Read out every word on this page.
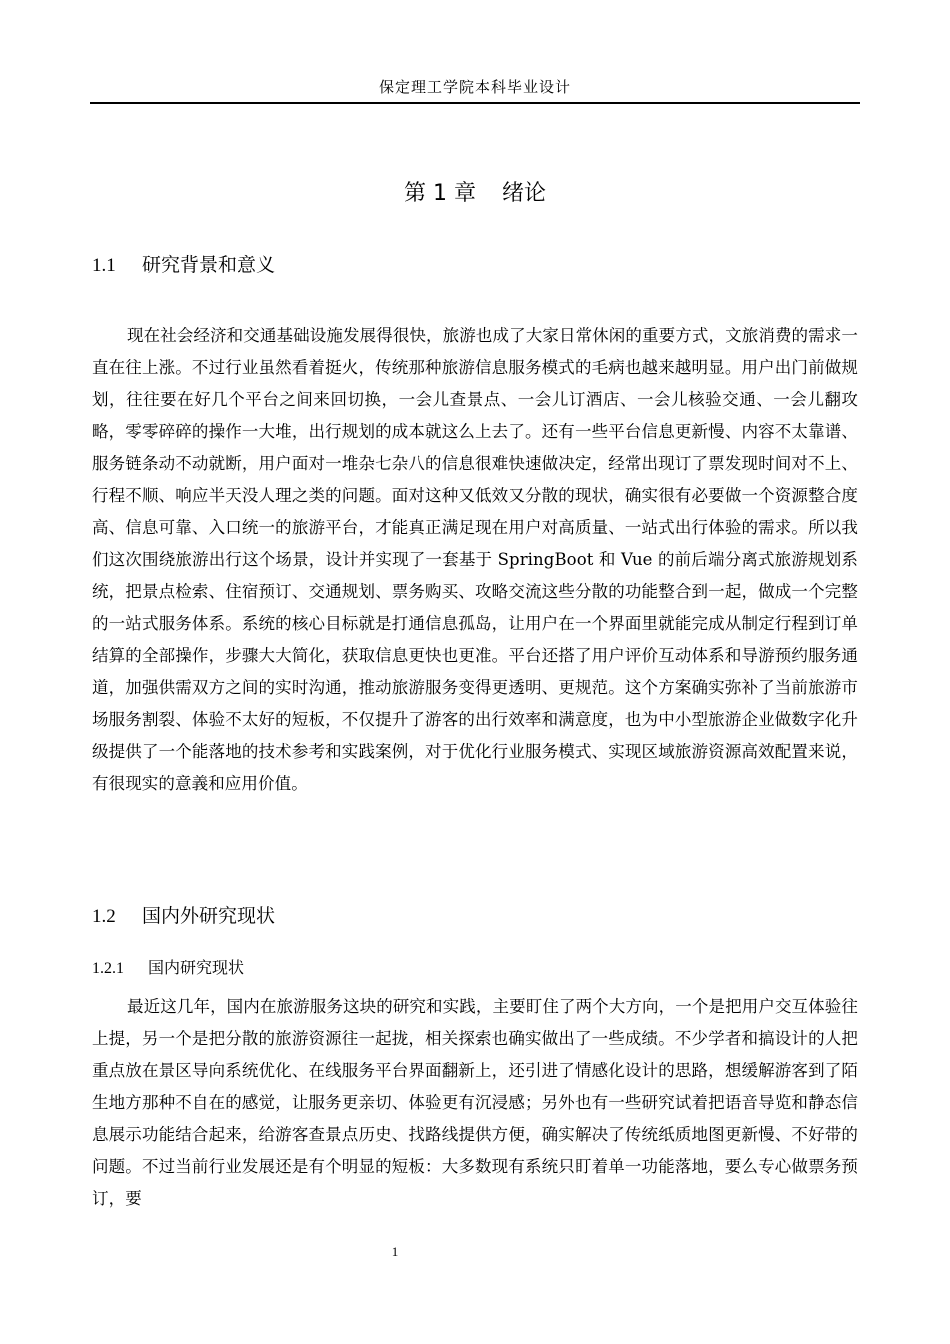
保定理工学院本科毕业设计
第 1 章 绪论
1.1 研究背景和意义

现在社会经济和交通基础设施发展得很快，旅游也成了大家日常休闲的重要方式，文旅消费的需求一直在往上涨。不过行业虽然看着挺火，传统那种旅游信息服务模式的毛病也越来越明显。用户出门前做规划，往往要在好几个平台之间来回切换，一会儿查景点、一会儿订酒店、一会儿核验交通、一会儿翻攻略，零零碎碎的操作一大堆，出行规划的成本就这么上去了。还有一些平台信息更新慢、内容不太靠谱、服务链条动不动就断，用户面对一堆杂七杂八的信息很难快速做决定，经常出现订了票发现时间对不上、行程不顺、响应半天没人理之类的问题。面对这种又低效又分散的现状，确实很有必要做一个资源整合度高、信息可靠、入口统一的旅游平台，才能真正满足现在用户对高质量、一站式出行体验的需求。所以我们这次围绕旅游出行这个场景，设计并实现了一套基于 SpringBoot 和 Vue 的前后端分离式旅游规划系统，把景点检索、住宿预订、交通规划、票务购买、攻略交流这些分散的功能整合到一起，做成一个完整的一站式服务体系。系统的核心目标就是打通信息孤岛，让用户在一个界面里就能完成从制定行程到订单结算的全部操作，步骤大大简化，获取信息更快也更准。平台还搭了用户评价互动体系和导游预约服务通道，加强供需双方之间的实时沟通，推动旅游服务变得更透明、更规范。这个方案确实弥补了当前旅游市场服务割裂、体验不太好的短板，不仅提升了游客的出行效率和满意度，也为中小型旅游企业做数字化升级提供了一个能落地的技术参考和实践案例，对于优化行业服务模式、实现区域旅游资源高效配置来说，有很现实的意義和应用价值。

1.2 国内外研究现状
1.2.1 国内研究现状

最近这几年，国内在旅游服务这块的研究和实践，主要盯住了两个大方向，一个是把用户交互体验往上提，另一个是把分散的旅游资源往一起拢，相关探索也确实做出了一些成绩。不少学者和搞设计的人把重点放在景区导向系统优化、在线服务平台界面翻新上，还引进了情感化设计的思路，想缓解游客到了陌生地方那种不自在的感觉，让服务更亲切、体验更有沉浸感；另外也有一些研究试着把语音导览和静态信息展示功能结合起来，给游客查景点历史、找路线提供方便，确实解决了传统纸质地图更新慢、不好带的问题。不过当前行业发展还是有个明显的短板：大多数现有系统只盯着单一功能落地，要么专心做票务预订，要

1
